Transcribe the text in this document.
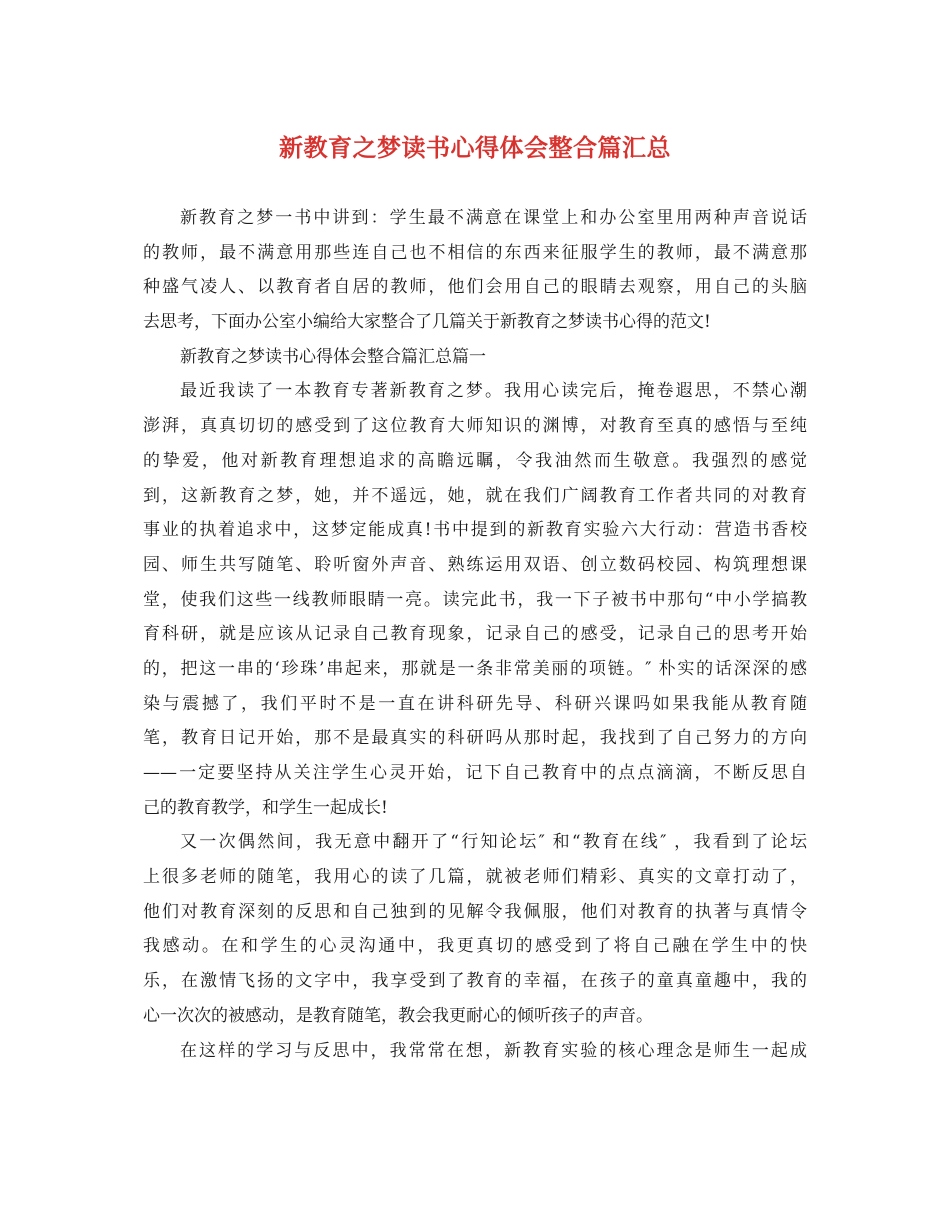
新教育之梦读书心得体会整合篇汇总
新教育之梦一书中讲到：学生最不满意在课堂上和办公室里用两种声音说话
的教师，最不满意用那些连自己也不相信的东西来征服学生的教师，最不满意那
种盛气凌人、以教育者自居的教师，他们会用自己的眼睛去观察，用自己的头脑
去思考，下面办公室小编给大家整合了几篇关于新教育之梦读书心得的范文!
新教育之梦读书心得体会整合篇汇总篇一
最近我读了一本教育专著新教育之梦。我用心读完后，掩卷遐思，不禁心潮
澎湃，真真切切的感受到了这位教育大师知识的渊博，对教育至真的感悟与至纯
的挚爱，他对新教育理想追求的高瞻远瞩，令我油然而生敬意。我强烈的感觉
到，这新教育之梦，她，并不遥远，她，就在我们广阔教育工作者共同的对教育
事业的执着追求中，这梦定能成真!书中提到的新教育实验六大行动：营造书香校
园、师生共写随笔、聆听窗外声音、熟练运用双语、创立数码校园、构筑理想课
堂，使我们这些一线教师眼睛一亮。读完此书，我一下子被书中那句“中小学搞教
育科研，就是应该从记录自己教育现象，记录自己的感受，记录自己的思考开始
的，把这一串的‘珍珠’串起来，那就是一条非常美丽的项链。″ 朴实的话深深的感
染与震撼了，我们平时不是一直在讲科研先导、科研兴课吗如果我能从教育随
笔，教育日记开始，那不是最真实的科研吗从那时起，我找到了自己努力的方向
——一定要坚持从关注学生心灵开始，记下自己教育中的点点滴滴，不断反思自
己的教育教学，和学生一起成长!
又一次偶然间，我无意中翻开了“行知论坛″ 和“教育在线″ ，我看到了论坛
上很多老师的随笔，我用心的读了几篇，就被老师们精彩、真实的文章打动了，
他们对教育深刻的反思和自己独到的见解令我佩服，他们对教育的执著与真情令
我感动。在和学生的心灵沟通中，我更真切的感受到了将自己融在学生中的快
乐，在激情飞扬的文字中，我享受到了教育的幸福，在孩子的童真童趣中，我的
心一次次的被感动，是教育随笔，教会我更耐心的倾听孩子的声音。
在这样的学习与反思中，我常常在想，新教育实验的核心理念是师生一起成
